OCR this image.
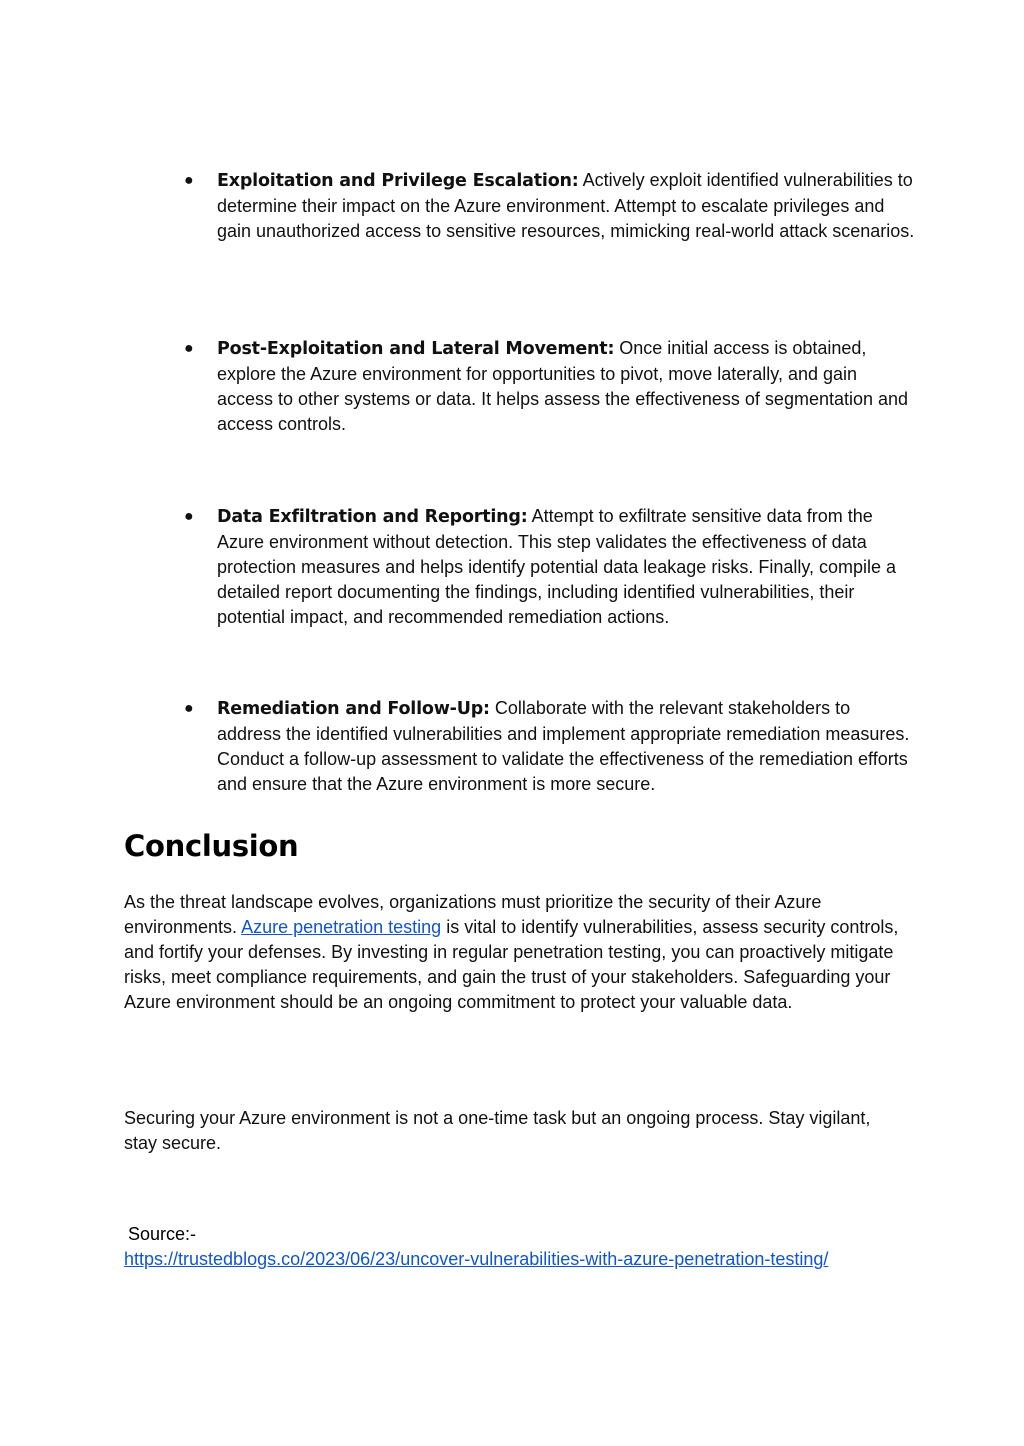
● Exploitation and Privilege Escalation: Actively exploit identified vulnerabilities to determine their impact on the Azure environment. Attempt to escalate privileges and gain unauthorized access to sensitive resources, mimicking real-world attack scenarios.
● Post-Exploitation and Lateral Movement: Once initial access is obtained, explore the Azure environment for opportunities to pivot, move laterally, and gain access to other systems or data. It helps assess the effectiveness of segmentation and access controls.
● Data Exfiltration and Reporting: Attempt to exfiltrate sensitive data from the Azure environment without detection. This step validates the effectiveness of data protection measures and helps identify potential data leakage risks. Finally, compile a detailed report documenting the findings, including identified vulnerabilities, their potential impact, and recommended remediation actions.
● Remediation and Follow-Up: Collaborate with the relevant stakeholders to address the identified vulnerabilities and implement appropriate remediation measures. Conduct a follow-up assessment to validate the effectiveness of the remediation efforts and ensure that the Azure environment is more secure.
Conclusion

As the threat landscape evolves, organizations must prioritize the security of their Azure environments. Azure penetration testing is vital to identify vulnerabilities, assess security controls, and fortify your defenses. By investing in regular penetration testing, you can proactively mitigate risks, meet compliance requirements, and gain the trust of your stakeholders. Safeguarding your Azure environment should be an ongoing commitment to protect your valuable data.

Securing your Azure environment is not a one-time task but an ongoing process. Stay vigilant, stay secure.

Source:-
https://trustedblogs.co/2023/06/23/uncover-vulnerabilities-with-azure-penetration-testing/
